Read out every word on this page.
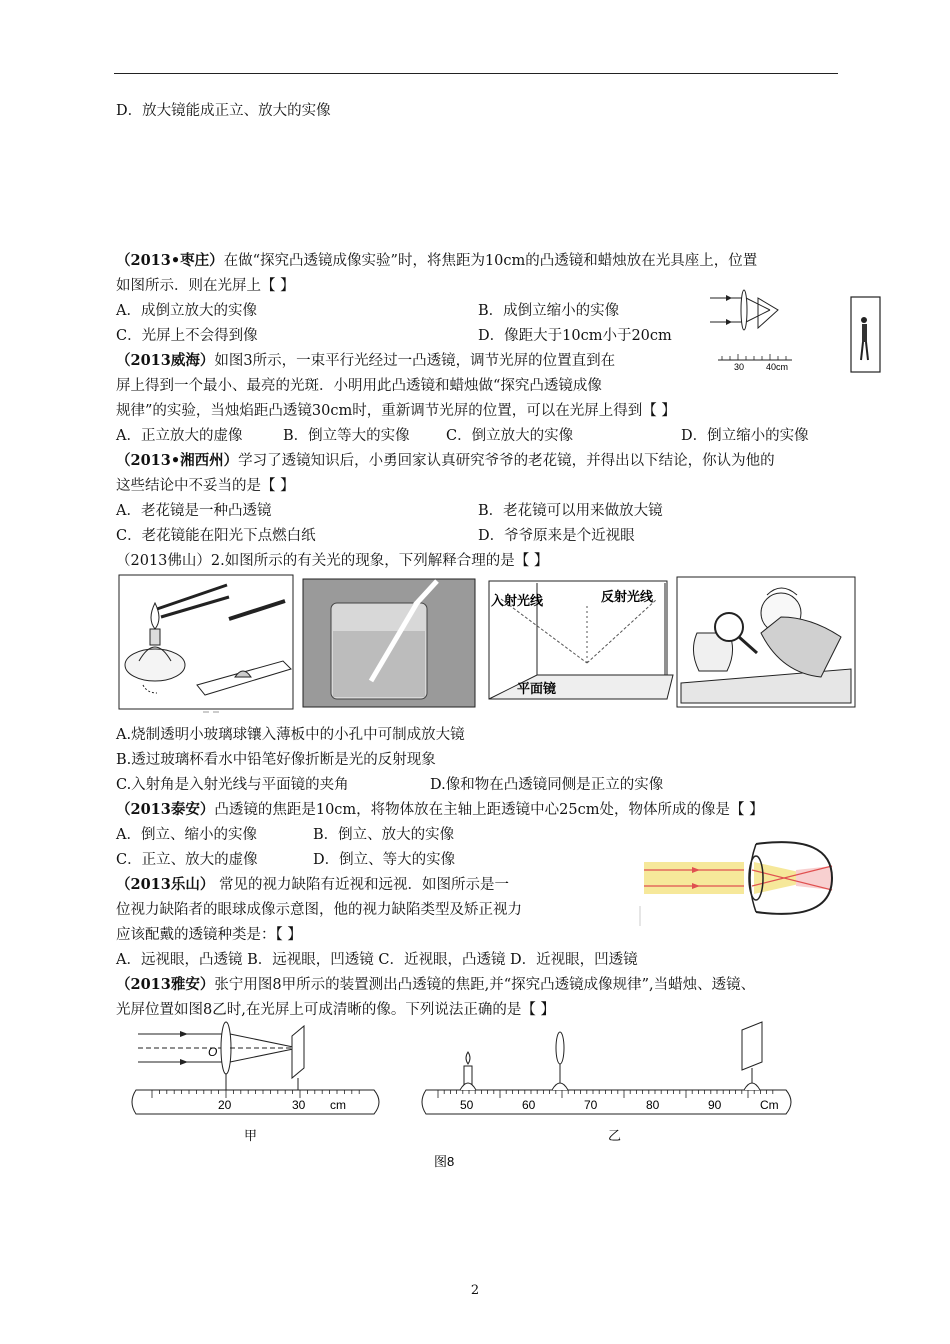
D．放大镜能成正立、放大的实像
（2013•枣庄）在做“探究凸透镜成像实验”时，将焦距为10cm的凸透镜和蜡烛放在光具座上，位置
如图所示．则在光屏上【 】
A．成倒立放大的实像	B．成倒立缩小的实像
C．光屏上不会得到像	D．像距大于10cm小于20cm
30 40cm
（2013威海）如图3所示，一束平行光经过一凸透镜，调节光屏的位置直到在
屏上得到一个最小、最亮的光斑．小明用此凸透镜和蜡烛做“探究凸透镜成像
规律”的实验，当烛焰距凸透镜30cm时，重新调节光屏的位置，可以在光屏上得到【 】
A．正立放大的虚像	B．倒立等大的实像	C．倒立放大的实像	D．倒立缩小的实像
（2013•湘西州）学习了透镜知识后，小勇回家认真研究爷爷的老花镜，并得出以下结论，你认为他的
这些结论中不妥当的是【 】
A．老花镜是一种凸透镜	B．老花镜可以用来做放大镜
C．老花镜能在阳光下点燃白纸	D．爷爷原来是个近视眼
（2013佛山）2.如图所示的有关光的现象，下列解释合理的是【 】
入射光线	反射光线
平面镜
A.烧制透明小玻璃球镶入薄板中的小孔中可制成放大镜
B.透过玻璃杯看水中铅笔好像折断是光的反射现象
C.入射角是入射光线与平面镜的夹角	D.像和物在凸透镜同侧是正立的实像
（2013泰安）凸透镜的焦距是10cm，将物体放在主轴上距透镜中心25cm处，物体所成的像是【 】
A．倒立、缩小的实像	B．倒立、放大的实像
C．正立、放大的虚像	D．倒立、等大的实像
（2013乐山） 常见的视力缺陷有近视和远视．如图所示是一
位视力缺陷者的眼球成像示意图，他的视力缺陷类型及矫正视力
应该配戴的透镜种类是：【 】
A．远视眼，凸透镜 B．远视眼，凹透镜 C．近视眼，凸透镜 D．近视眼，凹透镜
（2013雅安）张宁用图8甲所示的装置测出凸透镜的焦距,并“探究凸透镜成像规律”,当蜡烛、透镜、
光屏位置如图8乙时,在光屏上可成清晰的像。下列说法正确的是【 】
O
20	30 cm
甲
50	60	70	80	90	Cm
乙
图8
2
